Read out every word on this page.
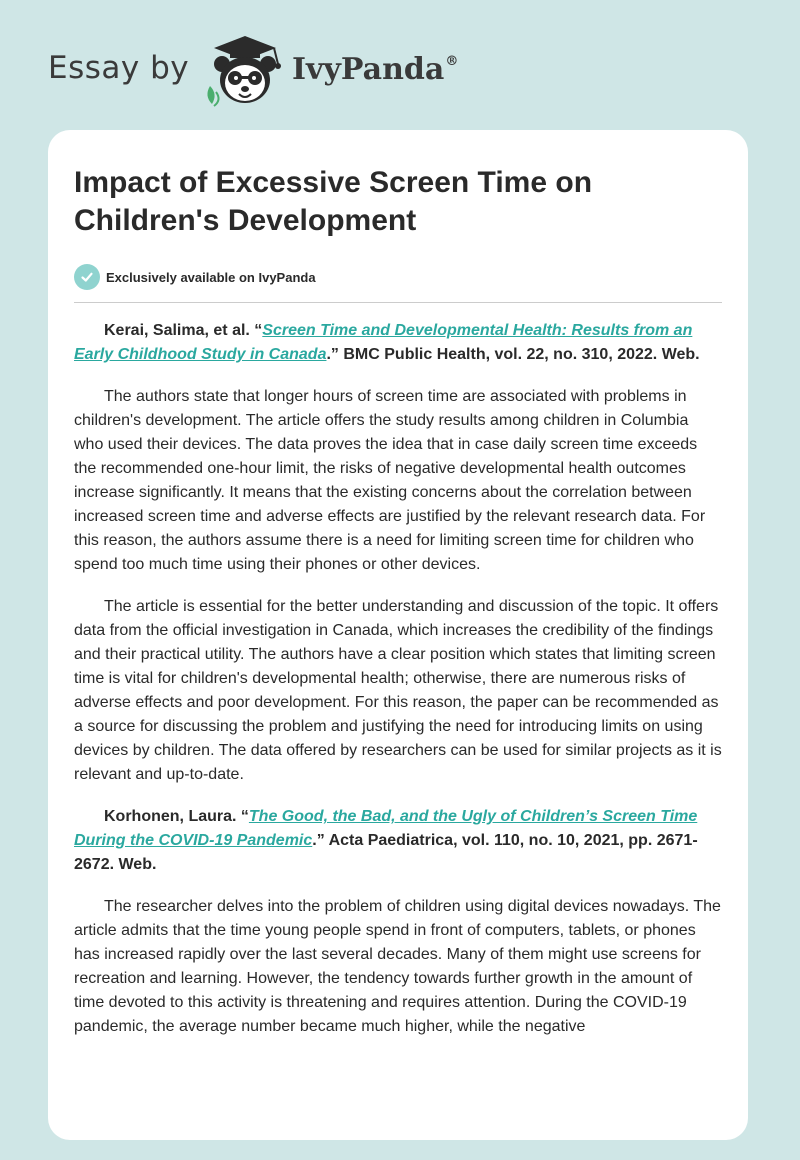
Essay by	IvyPanda®
Impact of Excessive Screen Time on Children's Development
Exclusively available on IvyPanda

Kerai, Salima, et al. “Screen Time and Developmental Health: Results from an Early Childhood Study in Canada.” BMC Public Health, vol. 22, no. 310, 2022. Web.

The authors state that longer hours of screen time are associated with problems in children's development. The article offers the study results among children in Columbia who used their devices. The data proves the idea that in case daily screen time exceeds the recommended one-hour limit, the risks of negative developmental health outcomes increase significantly. It means that the existing concerns about the correlation between increased screen time and adverse effects are justified by the relevant research data. For this reason, the authors assume there is a need for limiting screen time for children who spend too much time using their phones or other devices.

The article is essential for the better understanding and discussion of the topic. It offers data from the official investigation in Canada, which increases the credibility of the findings and their practical utility. The authors have a clear position which states that limiting screen time is vital for children's developmental health; otherwise, there are numerous risks of adverse effects and poor development. For this reason, the paper can be recommended as a source for discussing the problem and justifying the need for introducing limits on using devices by children. The data offered by researchers can be used for similar projects as it is relevant and up-to-date.

Korhonen, Laura. “The Good, the Bad, and the Ugly of Children’s Screen Time During the COVID-19 Pandemic.” Acta Paediatrica, vol. 110, no. 10, 2021, pp. 2671-2672. Web.

The researcher delves into the problem of children using digital devices nowadays. The article admits that the time young people spend in front of computers, tablets, or phones has increased rapidly over the last several decades. Many of them might use screens for recreation and learning. However, the tendency towards further growth in the amount of time devoted to this activity is threatening and requires attention. During the COVID-19 pandemic, the average number became much higher, while the negative
